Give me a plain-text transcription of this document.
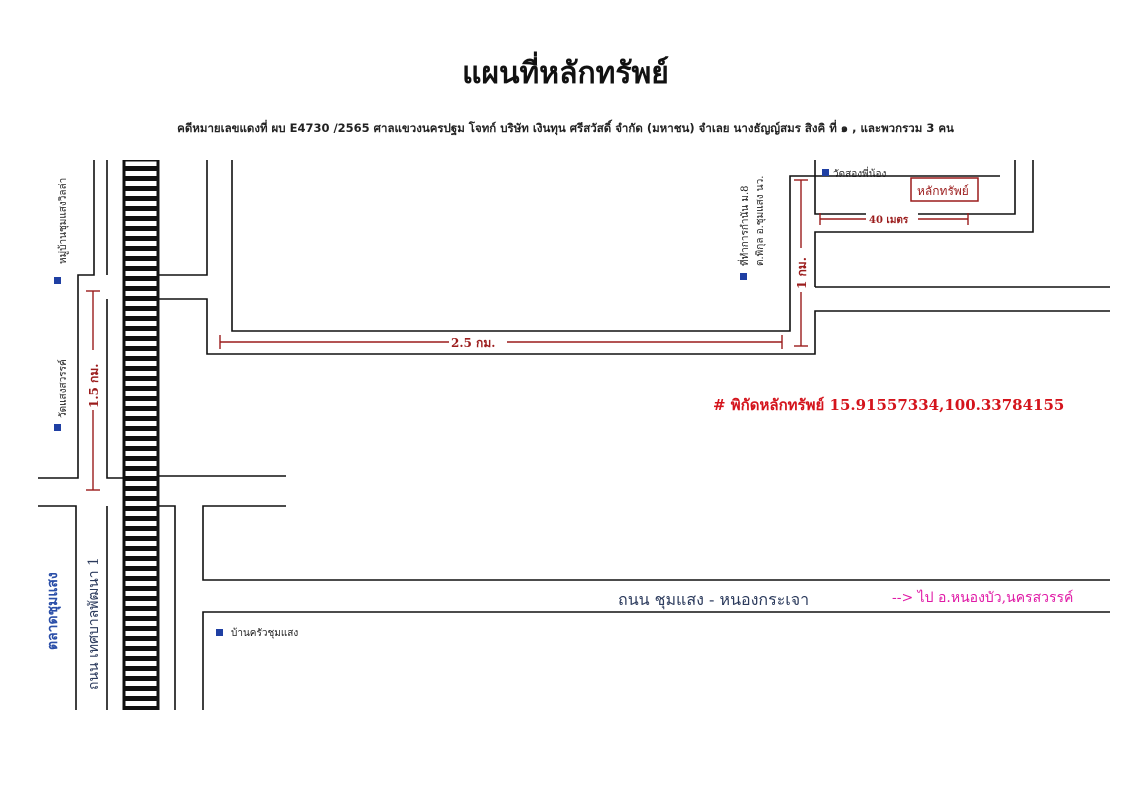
แผนที่หลักทรัพย์
คดีหมายเลขแดงที่ ผบ E4730 /2565 ศาลแขวงนครปฐม โจทก์ บริษัท เงินทุน ศรีสวัสดิ์ จำกัด (มหาชน) จำเลย นางธัญญ์สมร สิงคิ ที่ ๑ , และพวกรวม 3 คน
2.5 กม.
1 กม.
1.5 กม.
40 เมตร
หลักทรัพย์
หมู่บ้านชุมแสงวิลล่า
วัดแสงสวรรค์
ที่ทำการกำนัน ม.8 ต.พิกุล อ.ชุมแสง นว.
วัดสองพี่น้อง
บ้านครัวชุมแสง
ตลาดชุมแสง
# พิกัดหลักทรัพย์ 15.91557334,100.33784155
ถนน ชุมแสง - หนองกระเจา	--> ไป อ.หนองบัว,นครสวรรค์
ถนน เทศบาลพัฒนา 1
